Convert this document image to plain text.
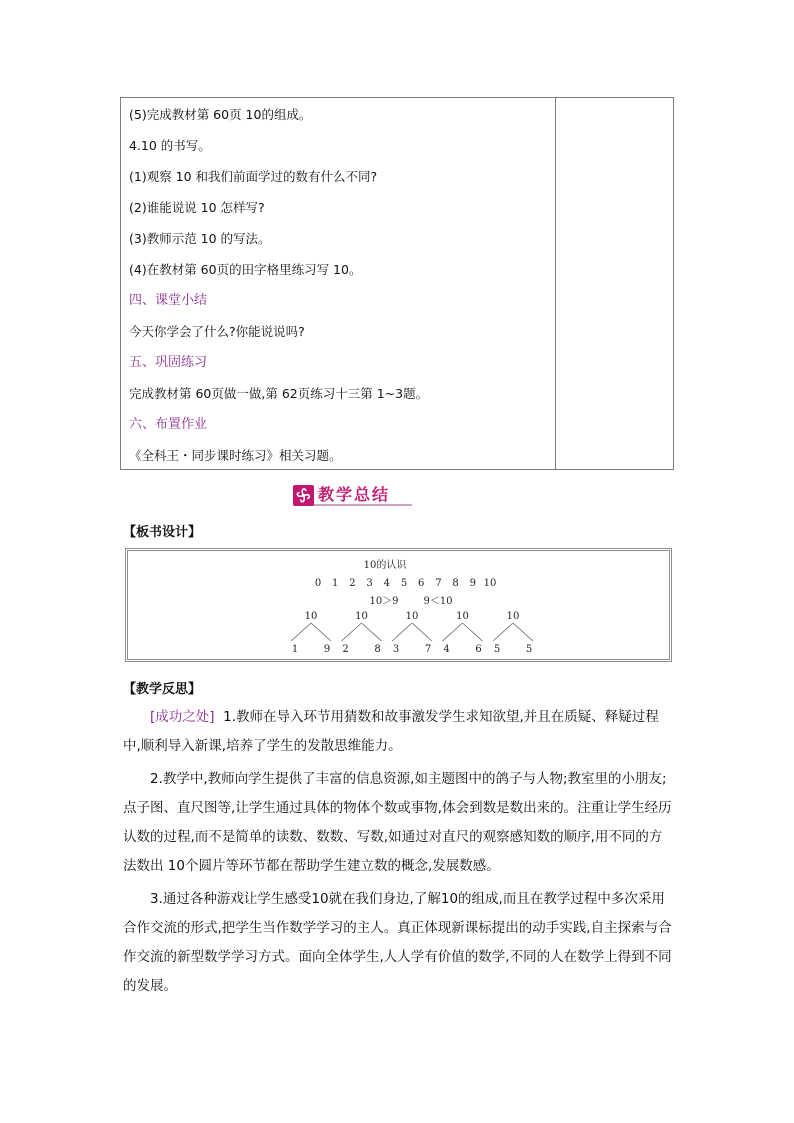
(5)完成教材第 60页 10的组成。
4.10 的书写。
(1)观察 10 和我们前面学过的数有什么不同?
(2)谁能说说 10 怎样写?
(3)教师示范 10 的写法。
(4)在教材第 60页的田字格里练习写 10。
四、课堂小结
今天你学会了什么?你能说说吗?
五、巩固练习
完成教材第 60页做一做,第 62页练习十三第 1~3题。
六、布置作业
《全科王・同步课时练习》相关习题。
教学总结
【板书设计】
10的认识
0 1 2 3 4 5 6 7 8 9 10
10＞9 9＜10
10
1	9
10
2	8
10
3	7
10
4	6
10
5	5
【教学反思】
[成功之处] 1.教师在导入环节用猜数和故事激发学生求知欲望,并且在质疑、释疑过程中,顺利导入新课,培养了学生的发散思维能力。
2.教学中,教师向学生提供了丰富的信息资源,如主题图中的鸽子与人物;教室里的小朋友;点子图、直尺图等,让学生通过具体的物体个数或事物,体会到数是数出来的。注重让学生经历认数的过程,而不是简单的读数、数数、写数,如通过对直尺的观察感知数的顺序,用不同的方法数出 10个圆片等环节都在帮助学生建立数的概念,发展数感。
3.通过各种游戏让学生感受10就在我们身边,了解10的组成,而且在教学过程中多次采用合作交流的形式,把学生当作数学学习的主人。真正体现新课标提出的动手实践,自主探索与合作交流的新型数学学习方式。面向全体学生,人人学有价值的数学,不同的人在数学上得到不同的发展。
